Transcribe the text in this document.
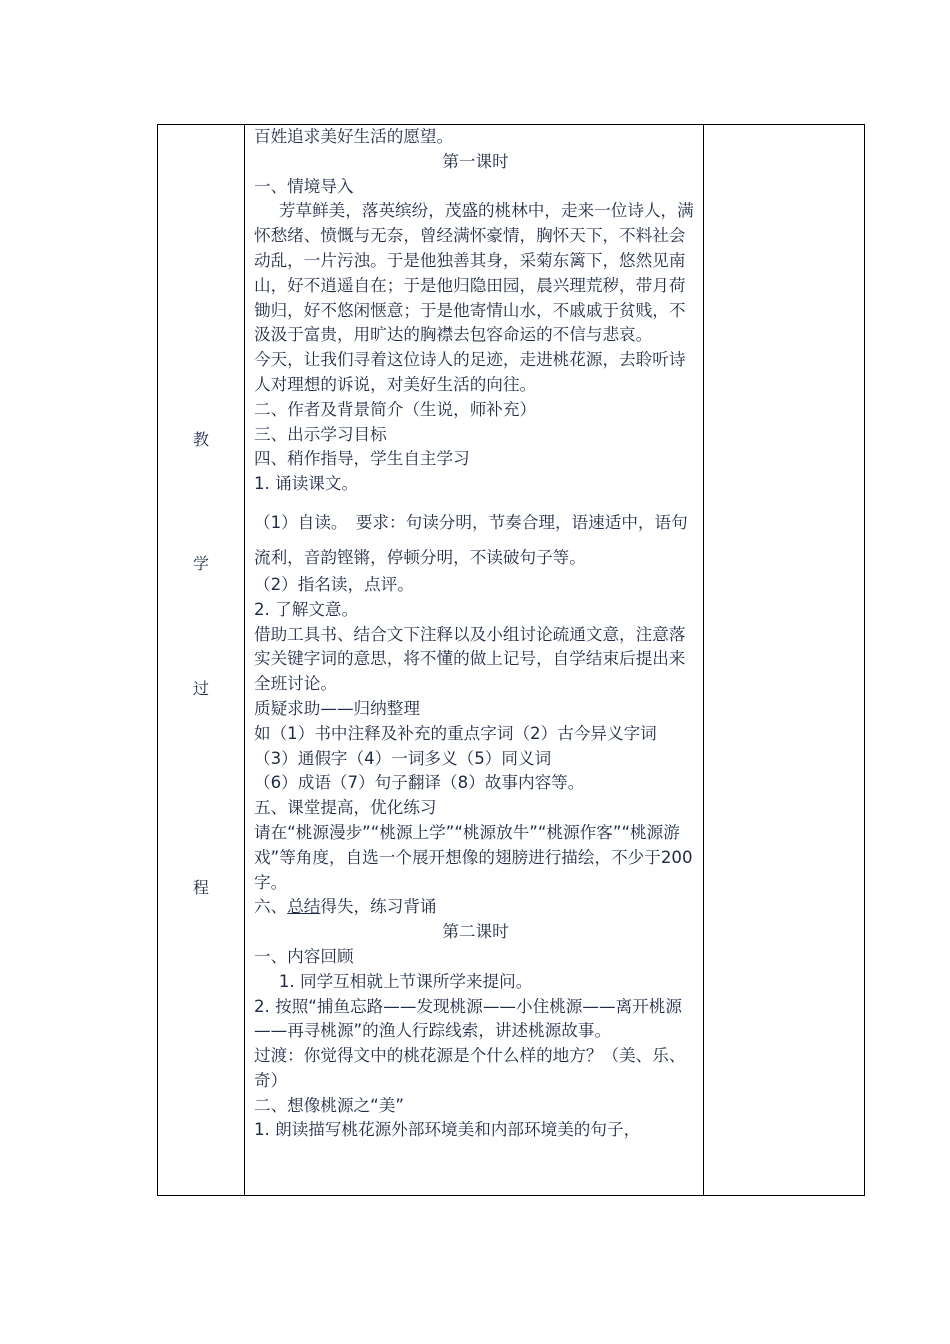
教
学
过
程

百姓追求美好生活的愿望。

第一课时

一、情境导入

芳草鲜美，落英缤纷，茂盛的桃林中，走来一位诗人，满怀愁绪、愤慨与无奈，曾经满怀豪情，胸怀天下，不料社会动乱，一片污浊。于是他独善其身，采菊东篱下，悠然见南山，好不逍遥自在；于是他归隐田园，晨兴理荒秽，带月荷锄归，好不悠闲惬意；于是他寄情山水，不戚戚于贫贱，不汲汲于富贵，用旷达的胸襟去包容命运的不信与悲哀。

今天，让我们寻着这位诗人的足迹，走进桃花源，去聆听诗人对理想的诉说，对美好生活的向往。

二、作者及背景简介（生说，师补充）

三、出示学习目标

四、稍作指导，学生自主学习

1. 诵读课文。

（1）自读。　要求：句读分明，节奏合理，语速适中，语句流利，音韵铿锵，停顿分明，不读破句子等。

（2）指名读，点评。

2. 了解文意。

借助工具书、结合文下注释以及小组讨论疏通文意，注意落实关键字词的意思，将不懂的做上记号，自学结束后提出来全班讨论。

质疑求助——归纳整理

如（1）书中注释及补充的重点字词（2）古今异义字词

（3）通假字（4）一词多义（5）同义词

（6）成语（7）句子翻译（8）故事内容等。

五、课堂提高，优化练习

请在“桃源漫步”“桃源上学”“桃源放牛”“桃源作客”“桃源游戏”等角度，自选一个展开想像的翅膀进行描绘，不少于200字。

六、总结得失，练习背诵

第二课时

一、内容回顾

1. 同学互相就上节课所学来提问。

2. 按照“捕鱼忘路——发现桃源——小住桃源——离开桃源——再寻桃源”的渔人行踪线索，讲述桃源故事。

过渡：你觉得文中的桃花源是个什么样的地方？（美、乐、奇）

二、想像桃源之“美”

1. 朗读描写桃花源外部环境美和内部环境美的句子，
